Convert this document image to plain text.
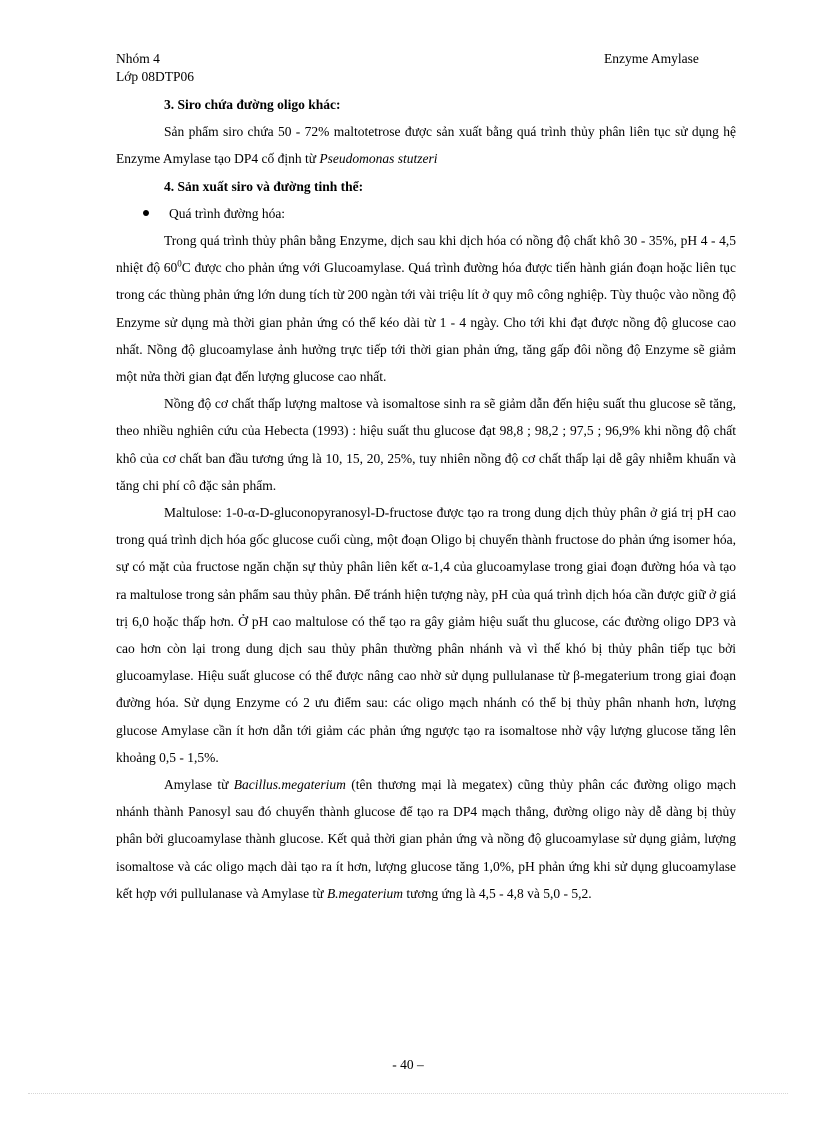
Nhóm 4
Lớp 08DTP06
Enzyme Amylase

3. Siro chứa đường oligo khác:

Sản phẩm siro chứa 50 - 72% maltotetrose được sản xuất bằng quá trình thủy phân liên tục sử dụng hệ Enzyme Amylase tạo DP4 cố định từ Pseudomonas stutzeri

4. Sản xuất siro và đường tinh thể:

Quá trình đường hóa:

Trong quá trình thủy phân bằng Enzyme, dịch sau khi dịch hóa có nồng độ chất khô 30 - 35%, pH 4 - 4,5 nhiệt độ $60^0C$ được cho phản ứng với Glucoamylase. Quá trình đường hóa được tiến hành gián đoạn hoặc liên tục trong các thùng phản ứng lớn dung tích từ 200 ngàn tới vài triệu lít ở quy mô công nghiệp. Tùy thuộc vào nồng độ Enzyme sử dụng mà thời gian phản ứng có thể kéo dài từ 1 - 4 ngày. Cho tới khi đạt được nồng độ glucose cao nhất. Nồng độ glucoamylase ảnh hưởng trực tiếp tới thời gian phản ứng, tăng gấp đôi nồng độ Enzyme sẽ giảm một nửa thời gian đạt đến lượng glucose cao nhất.

Nồng độ cơ chất thấp lượng maltose và isomaltose sinh ra sẽ giảm dẫn đến hiệu suất thu glucose sẽ tăng, theo nhiều nghiên cứu của Hebecta (1993) : hiệu suất thu glucose đạt 98,8 ; 98,2 ; 97,5 ; 96,9% khi nồng độ chất khô của cơ chất ban đầu tương ứng là 10, 15, 20, 25%, tuy nhiên nồng độ cơ chất thấp lại dễ gây nhiễm khuẩn và tăng chi phí cô đặc sản phẩm.

Maltulose: 1-0-α-D-gluconopyranosyl-D-fructose được tạo ra trong dung dịch thủy phân ở giá trị pH cao trong quá trình dịch hóa gốc glucose cuối cùng, một đoạn Oligo bị chuyển thành fructose do phản ứng isomer hóa, sự có mặt của fructose ngăn chặn sự thủy phân liên kết α-1,4 của glucoamylase trong giai đoạn đường hóa và tạo ra maltulose trong sản phẩm sau thủy phân. Để tránh hiện tượng này, pH của quá trình dịch hóa cần được giữ ở giá trị 6,0 hoặc thấp hơn. Ở pH cao maltulose có thể tạo ra gây giảm hiệu suất thu glucose, các đường oligo DP3 và cao hơn còn lại trong dung dịch sau thủy phân thường phân nhánh và vì thế khó bị thủy phân tiếp tục bởi glucoamylase. Hiệu suất glucose có thể được nâng cao nhờ sử dụng pullulanase từ β-megaterium trong giai đoạn đường hóa. Sử dụng Enzyme có 2 ưu điểm sau: các oligo mạch nhánh có thể bị thủy phân nhanh hơn, lượng glucose Amylase cần ít hơn dẫn tới giảm các phản ứng ngược tạo ra isomaltose nhờ vậy lượng glucose tăng lên khoảng 0,5 - 1,5%.

Amylase từ Bacillus.megaterium (tên thương mại là megatex) cũng thủy phân các đường oligo mạch nhánh thành Panosyl sau đó chuyển thành glucose để tạo ra DP4 mạch thẳng, đường oligo này dễ dàng bị thủy phân bởi glucoamylase thành glucose. Kết quả thời gian phản ứng và nồng độ glucoamylase sử dụng giảm, lượng isomaltose và các oligo mạch dài tạo ra ít hơn, lượng glucose tăng 1,0%, pH phản ứng khi sử dụng glucoamylase kết hợp với pullulanase và Amylase từ B.megaterium tương ứng là 4,5 - 4,8 và 5,0 - 5,2.

- 40 –
